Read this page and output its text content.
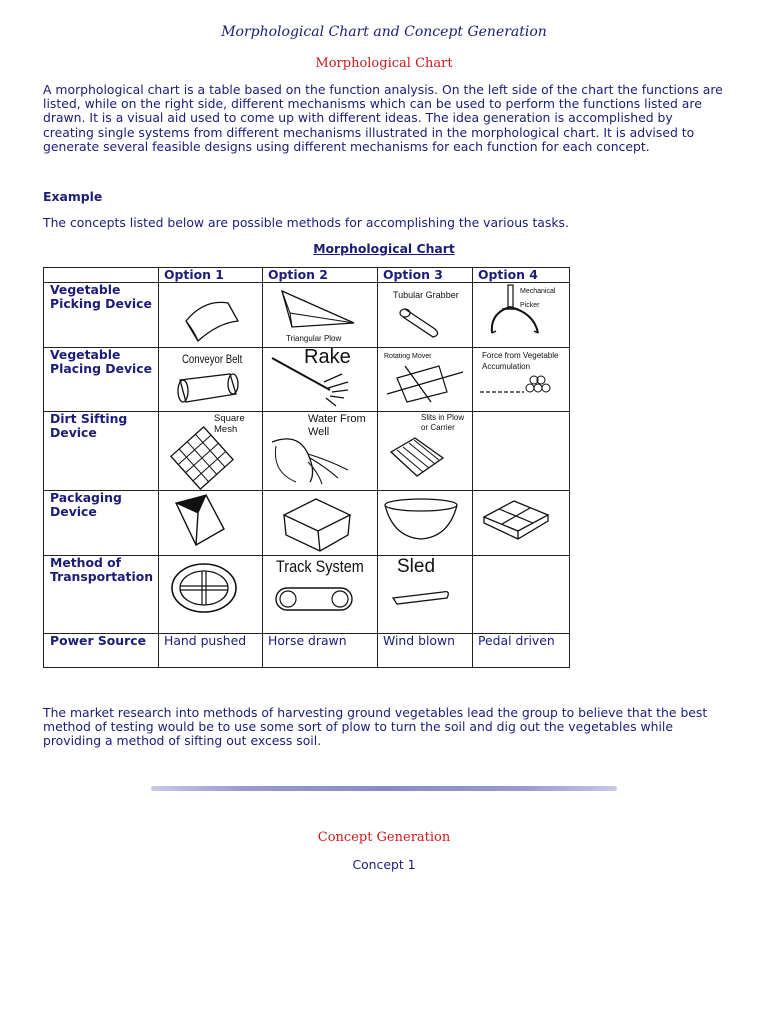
Morphological Chart and Concept Generation
Morphological Chart
A morphological chart is a table based on the function analysis. On the left side of the chart the functions are listed, while on the right side, different mechanisms which can be used to perform the functions listed are drawn. It is a visual aid used to come up with different ideas. The idea generation is accomplished by creating single systems from different mechanisms illustrated in the morphological chart. It is advised to generate several feasible designs using different mechanisms for each function for each concept.
Example
The concepts listed below are possible methods for accomplishing the various tasks.
Morphological Chart
	Option 1	Option 2	Option 3	Option 4
Vegetable Picking Device		Triangular Plow	Tubular Grabber	Mechanical Picker

Vegetable Placing Device	Conveyor Belt	Rake	Rotating Mover	Force from Vegetable Accumulation

Dirt Sifting Device	Square Mesh	Water From Well	Slits in Plow or Carrier	

Packaging Device	

Method of Transportation		Track System	Sled	

Power Source	Hand pushed	Horse drawn	Wind blown	Pedal driven
The market research into methods of harvesting ground vegetables lead the group to believe that the best method of testing would be to use some sort of plow to turn the soil and dig out the vegetables while providing a method of sifting out excess soil.
Concept Generation
Concept 1
